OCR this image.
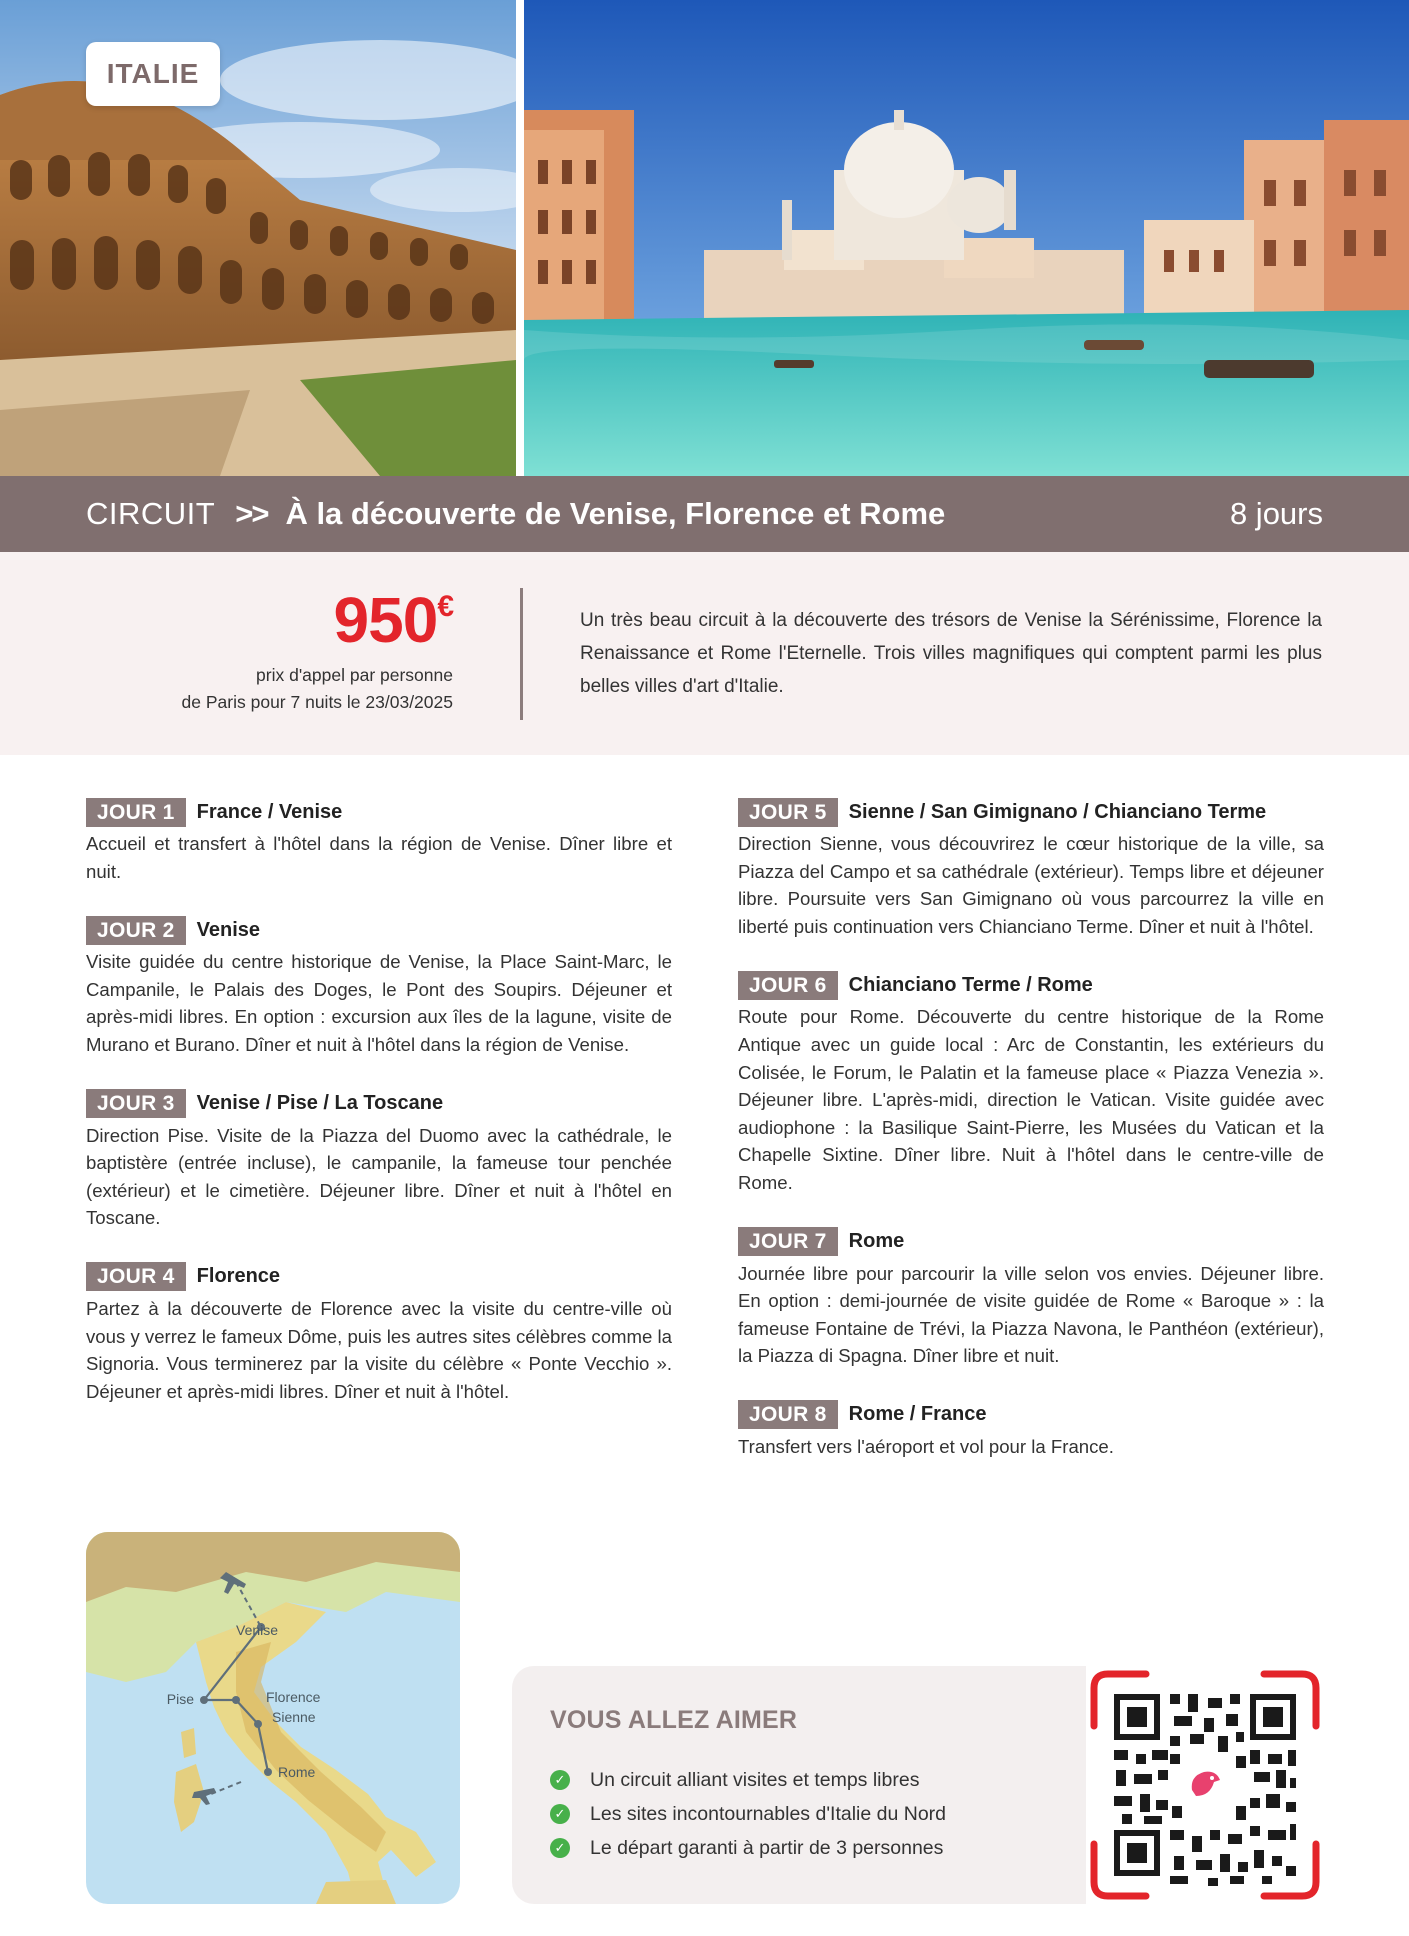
ITALIE
CIRCUIT >> À la découverte de Venise, Florence et Rome	8 jours
950€
prix d'appel par personne
de Paris pour 7 nuits le 23/03/2025

Un très beau circuit à la découverte des trésors de Venise la Sérénissime, Florence la Renaissance et Rome l'Eternelle. Trois villes magnifiques qui comptent parmi les plus belles villes d'art d'Italie.

JOUR 1	France / Venise

Accueil et transfert à l'hôtel dans la région de Venise. Dîner libre et nuit.

JOUR 2	Venise

Visite guidée du centre historique de Venise, la Place Saint-Marc, le Campanile, le Palais des Doges, le Pont des Soupirs. Déjeuner et après-midi libres. En option : excursion aux îles de la lagune, visite de Murano et Burano. Dîner et nuit à l'hôtel dans la région de Venise.

JOUR 3	Venise / Pise / La Toscane

Direction Pise. Visite de la Piazza del Duomo avec la cathédrale, le baptistère (entrée incluse), le campanile, la fameuse tour penchée (extérieur) et le cimetière. Déjeuner libre. Dîner et nuit à l'hôtel en Toscane.

JOUR 4	Florence

Partez à la découverte de Florence avec la visite du centre-ville où vous y verrez le fameux Dôme, puis les autres sites célèbres comme la Signoria. Vous terminerez par la visite du célèbre « Ponte Vecchio ». Déjeuner et après-midi libres. Dîner et nuit à l'hôtel.

JOUR 5	Sienne / San Gimignano / Chianciano Terme

Direction Sienne, vous découvrirez le cœur historique de la ville, sa Piazza del Campo et sa cathédrale (extérieur). Temps libre et déjeuner libre. Poursuite vers San Gimignano où vous parcourrez la ville en liberté puis continuation vers Chianciano Terme. Dîner et nuit à l'hôtel.

JOUR 6	Chianciano Terme / Rome

Route pour Rome. Découverte du centre historique de la Rome Antique avec un guide local : Arc de Constantin, les extérieurs du Colisée, le Forum, le Palatin et la fameuse place « Piazza Venezia ». Déjeuner libre. L'après-midi, direction le Vatican. Visite guidée avec audiophone : la Basilique Saint-Pierre, les Musées du Vatican et la Chapelle Sixtine. Dîner libre. Nuit à l'hôtel dans le centre-ville de Rome.

JOUR 7	Rome

Journée libre pour parcourir la ville selon vos envies. Déjeuner libre. En option : demi-journée de visite guidée de Rome « Baroque » : la fameuse Fontaine de Trévi, la Piazza Navona, le Panthéon (extérieur), la Piazza di Spagna. Dîner libre et nuit.

JOUR 8	Rome / France

Transfert vers l'aéroport et vol pour la France.

Venise
Pise	Florence
Sienne
Rome
VOUS ALLEZ AIMER
✓ Un circuit alliant visites et temps libres
✓ Les sites incontournables d'Italie du Nord
✓ Le départ garanti à partir de 3 personnes
